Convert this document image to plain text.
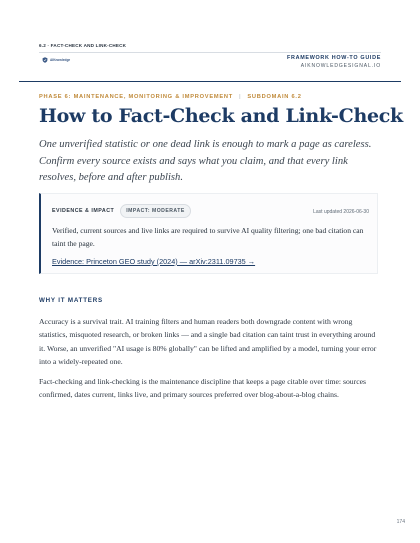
6.2 · FACT-CHECK AND LINK-CHECK
AIKnowledge	FRAMEWORK HOW-TO GUIDE
AIKNOWLEDGESIGNAL.IO
PHASE 6: MAINTENANCE, MONITORING & IMPROVEMENT | SUBDOMAIN 6.2
How to Fact-Check and Link-Check

One unverified statistic or one dead link is enough to mark a page as careless. Confirm every source exists and says what you claim, and that every link resolves, before and after publish.

EVIDENCE & IMPACT	IMPACT: MODERATE	Last updated 2026-06-30

Verified, current sources and live links are required to survive AI quality filtering; one bad citation can taint the page.

Evidence: Princeton GEO study (2024) — arXiv:2311.09735 →
WHY IT MATTERS

Accuracy is a survival trait. AI training filters and human readers both downgrade content with wrong statistics, misquoted research, or broken links — and a single bad citation can taint trust in everything around it. Worse, an unverified "AI usage is 80% globally" can be lifted and amplified by a model, turning your error into a widely-repeated one.

Fact-checking and link-checking is the maintenance discipline that keeps a page citable over time: sources confirmed, dates current, links live, and primary sources preferred over blog-about-a-blog chains.

174
